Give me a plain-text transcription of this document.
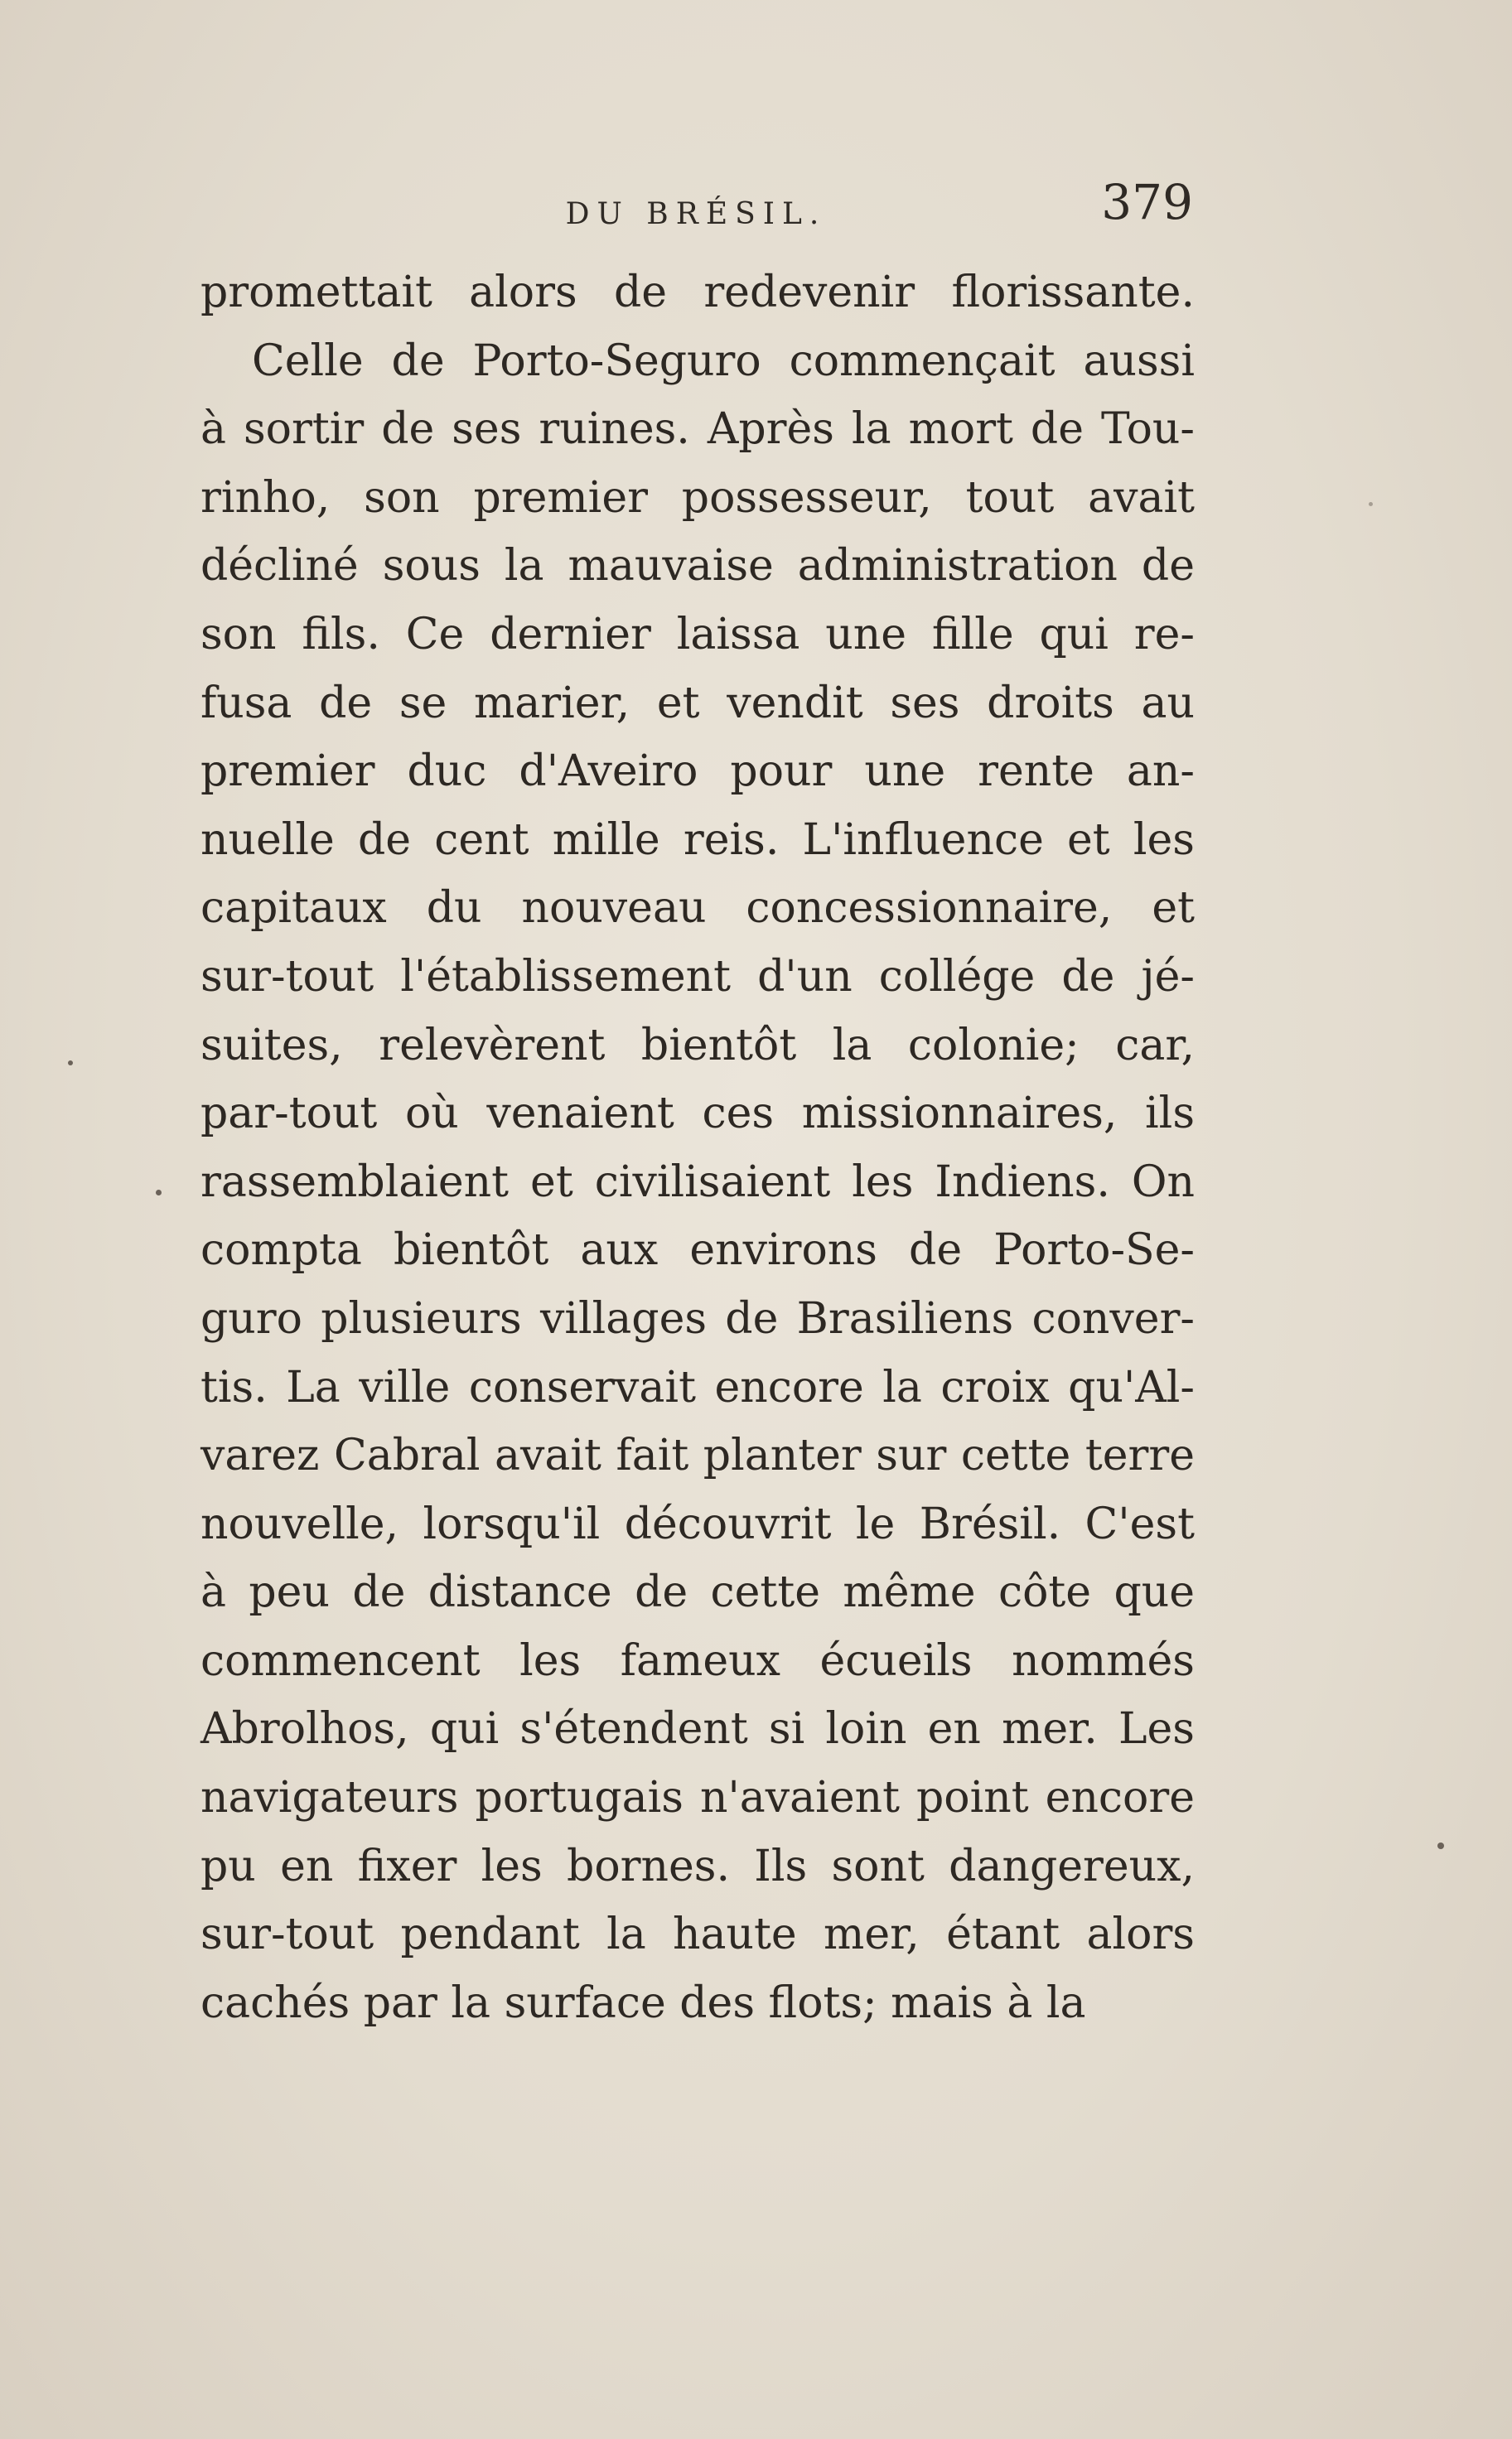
DU BRÉSIL.	379
promettait alors de redevenir florissante.
Celle de Porto-Seguro commençait aussi
à sortir de ses ruines. Après la mort de Tou-
rinho, son premier possesseur, tout avait
décliné sous la mauvaise administration de
son fils. Ce dernier laissa une fille qui re-
fusa de se marier, et vendit ses droits au
premier duc d'Aveiro pour une rente an-
nuelle de cent mille reis. L'influence et les
capitaux du nouveau concessionnaire, et
sur-tout l'établissement d'un collége de jé-
suites, relevèrent bientôt la colonie; car,
par-tout où venaient ces missionnaires, ils
rassemblaient et civilisaient les Indiens. On
compta bientôt aux environs de Porto-Se-
guro plusieurs villages de Brasiliens conver-
tis. La ville conservait encore la croix qu'Al-
varez Cabral avait fait planter sur cette terre
nouvelle, lorsqu'il découvrit le Brésil. C'est
à peu de distance de cette même côte que
commencent les fameux écueils nommés
Abrolhos, qui s'étendent si loin en mer. Les
navigateurs portugais n'avaient point encore
pu en fixer les bornes. Ils sont dangereux,
sur-tout pendant la haute mer, étant alors
cachés par la surface des flots; mais à la
